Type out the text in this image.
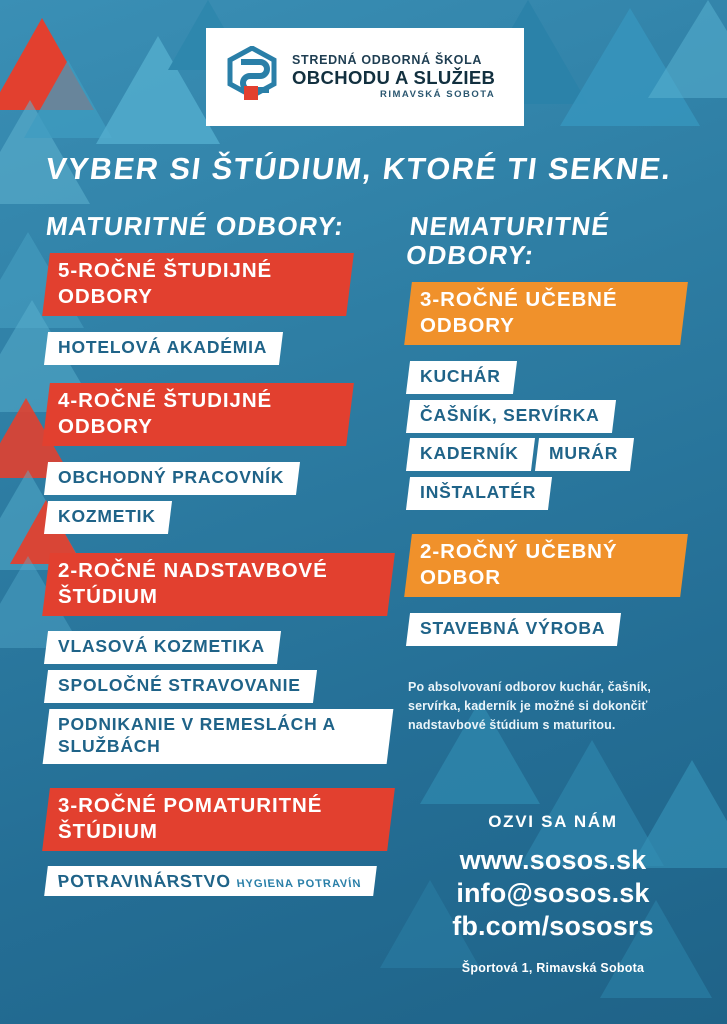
STREDNÁ ODBORNÁ ŠKOLA
OBCHODU A SLUŽIEB
RIMAVSKÁ SOBOTA
VYBER SI ŠTÚDIUM, KTORÉ TI SEKNE.
MATURITNÉ ODBORY:
5-ROČNÉ ŠTUDIJNÉ ODBORY
HOTELOVÁ AKADÉMIA
4-ROČNÉ ŠTUDIJNÉ ODBORY
OBCHODNÝ PRACOVNÍK KOZMETIK
2-ROČNÉ NADSTAVBOVÉ ŠTÚDIUM
VLASOVÁ KOZMETIKA SPOLOČNÉ STRAVOVANIE PODNIKANIE V REMESLÁCH A SLUŽBÁCH
3-ROČNÉ POMATURITNÉ ŠTÚDIUM
POTRAVINÁRSTVO HYGIENA POTRAVÍN
NEMATURITNÉ ODBORY:
3-ROČNÉ UČEBNÉ ODBORY
KUCHÁR ČAŠNÍK, SERVÍRKA KADERNÍK MURÁR INŠTALATÉR
2-ROČNÝ UČEBNÝ ODBOR
STAVEBNÁ VÝROBA
Po absolvovaní odborov kuchár, čašník, servírka, kaderník je možné si dokončiť nadstavbové štúdium s maturitou.
OZVI SA NÁM
www.sosos.sk
info@sosos.sk
fb.com/sososrs
Športová 1, Rimavská Sobota
